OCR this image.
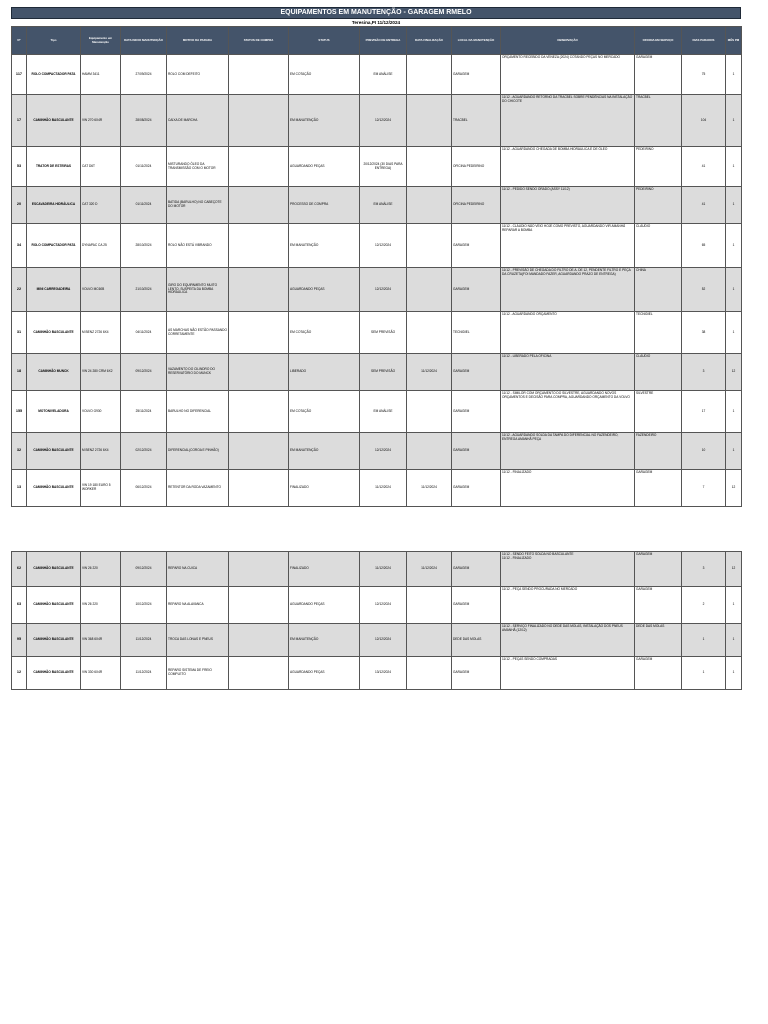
EQUIPAMENTOS EM MANUTENÇÃO - GARAGEM RMELO
Teresina,PI 11/12/2024
Nº	Tipo	Equipamento em Manutenção	DATA INICIO MANUTENÇÃO	MOTIVO DA PARADA	STATUS DE COMPRA	STATUS	PREVISÃO DE ENTREGA	DATA FINALIZAÇÃO	LOCAL DA MANUTENÇÃO	OBSERVAÇÃO	OFICINA EM SERVIÇO	DIAS PARADOS	MÊS PM
117	ROLO COMPACTADOR PATA	HAMM 3411	27/09/2024	ROLO COM DEFEITO		EM COTAÇÃO	EM ANÁLISE		GARAGEM	ORÇAMENTO RECEBIDO DA VENEZA (2024) COTANDO PEÇAS NO MERCADO	GARAGEM	75	1
17	CAMINHÃO BASCULANTE	VW 270 6X4R	28/08/2024	CAIXA DE MARCHA		EM MANUTENÇÃO	12/12/2024		TRACBEL	11/12 - AGUARDANDO RETORNO DA TRACBEL SOBRE PENDÊNCIAS NA INSTALAÇÃO DO CHICOTE	TRACBEL	104	1
53	TRATOR DE ESTEIRAS	CAT D6T	01/11/2024	MISTURANDO ÓLEO DA TRANSMISSÃO COM O MOTOR		AGUARDANDO PEÇAS	20/12/2024 (30 DIAS PARA ENTREGA)		OFICINA PEDEIRINO	11/12 - AGUARDANDO CHEGADA DE BOMBA HIDRÁULICA E DE ÓLEO	PEDEIRINO	41	1
20	ESCAVADEIRA HIDRÁULICA	CAT 320 D	01/11/2024	BATIDA (BARULHO) NO CABEÇOTE DO MOTOR		PROCESSO DE COMPRA	EM ANÁLISE		OFICINA PEDEIRINO	11/12 - PEDIDO SENDO ORADO (ASSY 11/12)	PEDEIRINO	41	1
34	ROLO COMPACTADOR PATA	DYNAPAC CA 25	28/10/2024	ROLO NÃO ESTÁ VIBRANDO		EM MANUTENÇÃO	12/12/2024		GARAGEM	11/12 - CLÁUDIO NÃO VEIO HOJE COMO PREVISTO, AGUARDANDO VIR AMANHÃ REPARAR A BOMBA	CLÁUDIO	65	1
22	MINI CARREGADEIRA	VOLVO MC60B	21/10/2024	GIRO DO EQUIPAMENTO MUITO LENTO, SUSPEITA DA BOMBA HIDRÁULICA		AGUARDANDO PEÇAS	12/12/2024		GARAGEM	11/12 - PREVISÃO DE CHEGADA DO FILTRO DE A. DE 12, PENDENTE FILTRO E PEÇA DA CRUZETA(FOI MANDADO FAZER, AGUARDANDO PRAZO DE ENTREGA)	CHINA	52	1
31	CAMINHÃO BASCULANTE	M BENZ 2726 6X4	04/11/2024	AS MARCHAS NÃO ESTÃO PASSANDO CORRETAMENTE		EM COTAÇÃO	SEM PREVISÃO		TECNIDIEL	11/12 - AGUARDANDO ORÇAMENTO	TECNIDIEL	38	1
18	CAMINHÃO MUNCK	VW 24 280 CRM 6X2	09/12/2024	VAZAMENTO DO CILINDRO DO RESERVATÓRIO DO MUNCK		LIBERADO	SEM PREVISÃO	11/12/2024	GARAGEM	11/12 - LIBERADO PELA OFICINA	CLÁUDIO	3	12
155	MOTONIVELADORA	VOLVO G930	25/11/2024	BARULHO NO DIFERENCIAL		EM COTAÇÃO	EM ANÁLISE		GARAGEM	11/12 - SIMILOR COM ORÇAMENTO DO SILVESTRE, AGUARDANDO NOVOS ORÇAMENTOS E DECISÃO PARA COMPRA, AGUARDANDO ORÇAMENTO DA VOLVO	SILVESTRE	17	1
32	CAMINHÃO BASCULANTE	M BENZ 2726 6X4	02/12/2024	DIFERENCIAL(COROA E PINHÃO)		EM MANUTENÇÃO	12/12/2024		GARAGEM	11/12 - AGUARDANDO SOLDA DA TAMPA DO DIFERENCIAL NO FAZENDEIRO, ENTREGA AMANHÃ PEÇA	FAZENDEIRO	10	1
13	CAMINHÃO BASCULANTE	VW 19 180 EURO 5 WORKER	06/12/2024	RETENTOR DA RODA VAZAMENTO		FINALIZADO	11/12/2024	11/12/2024	GARAGEM	11/12 - FINALIZADO	GARAGEM	7	12
62	CAMINHÃO BASCULANTE	VW 26 220	09/12/2024	REPARO NA CUICA		FINALIZADO	11/12/2024	11/12/2024	GARAGEM	11/12 - SENDO FEITO SOLDA NO BASCULANTE
11/12 - FINALIZADO	GARAGEM	3	12
63	CAMINHÃO BASCULANTE	VW 26 220	10/12/2024	REPARO NA ALAVANCA		AGUARDANDO PEÇAS	12/12/2024		GARAGEM	11/12 - PEÇA SENDO PROCURADA NO MERCADO	GARAGEM	2	1
95	CAMINHÃO BASCULANTE	VW 368 6X4R	11/12/2024	TROCA DAS LONAS E PNEUS		EM MANUTENÇÃO	12/12/2024		DEDE DAS MOLAS	11/12 - SERVIÇO FINALIZADO NO DEDE DAS MOLAS, INSTALAÇÃO DOS PNEUS AMANHÃ (12/12)	DEDE DAS MOLAS	1	1
12	CAMINHÃO BASCULANTE	VW 330 6X4R	11/12/2024	REPARO SISTEMA DE FREIO COMPLETO		AGUARDANDO PEÇAS	13/12/2024		GARAGEM	11/12 - PEÇAS SENDO COMPRADAS	GARAGEM	1	1
